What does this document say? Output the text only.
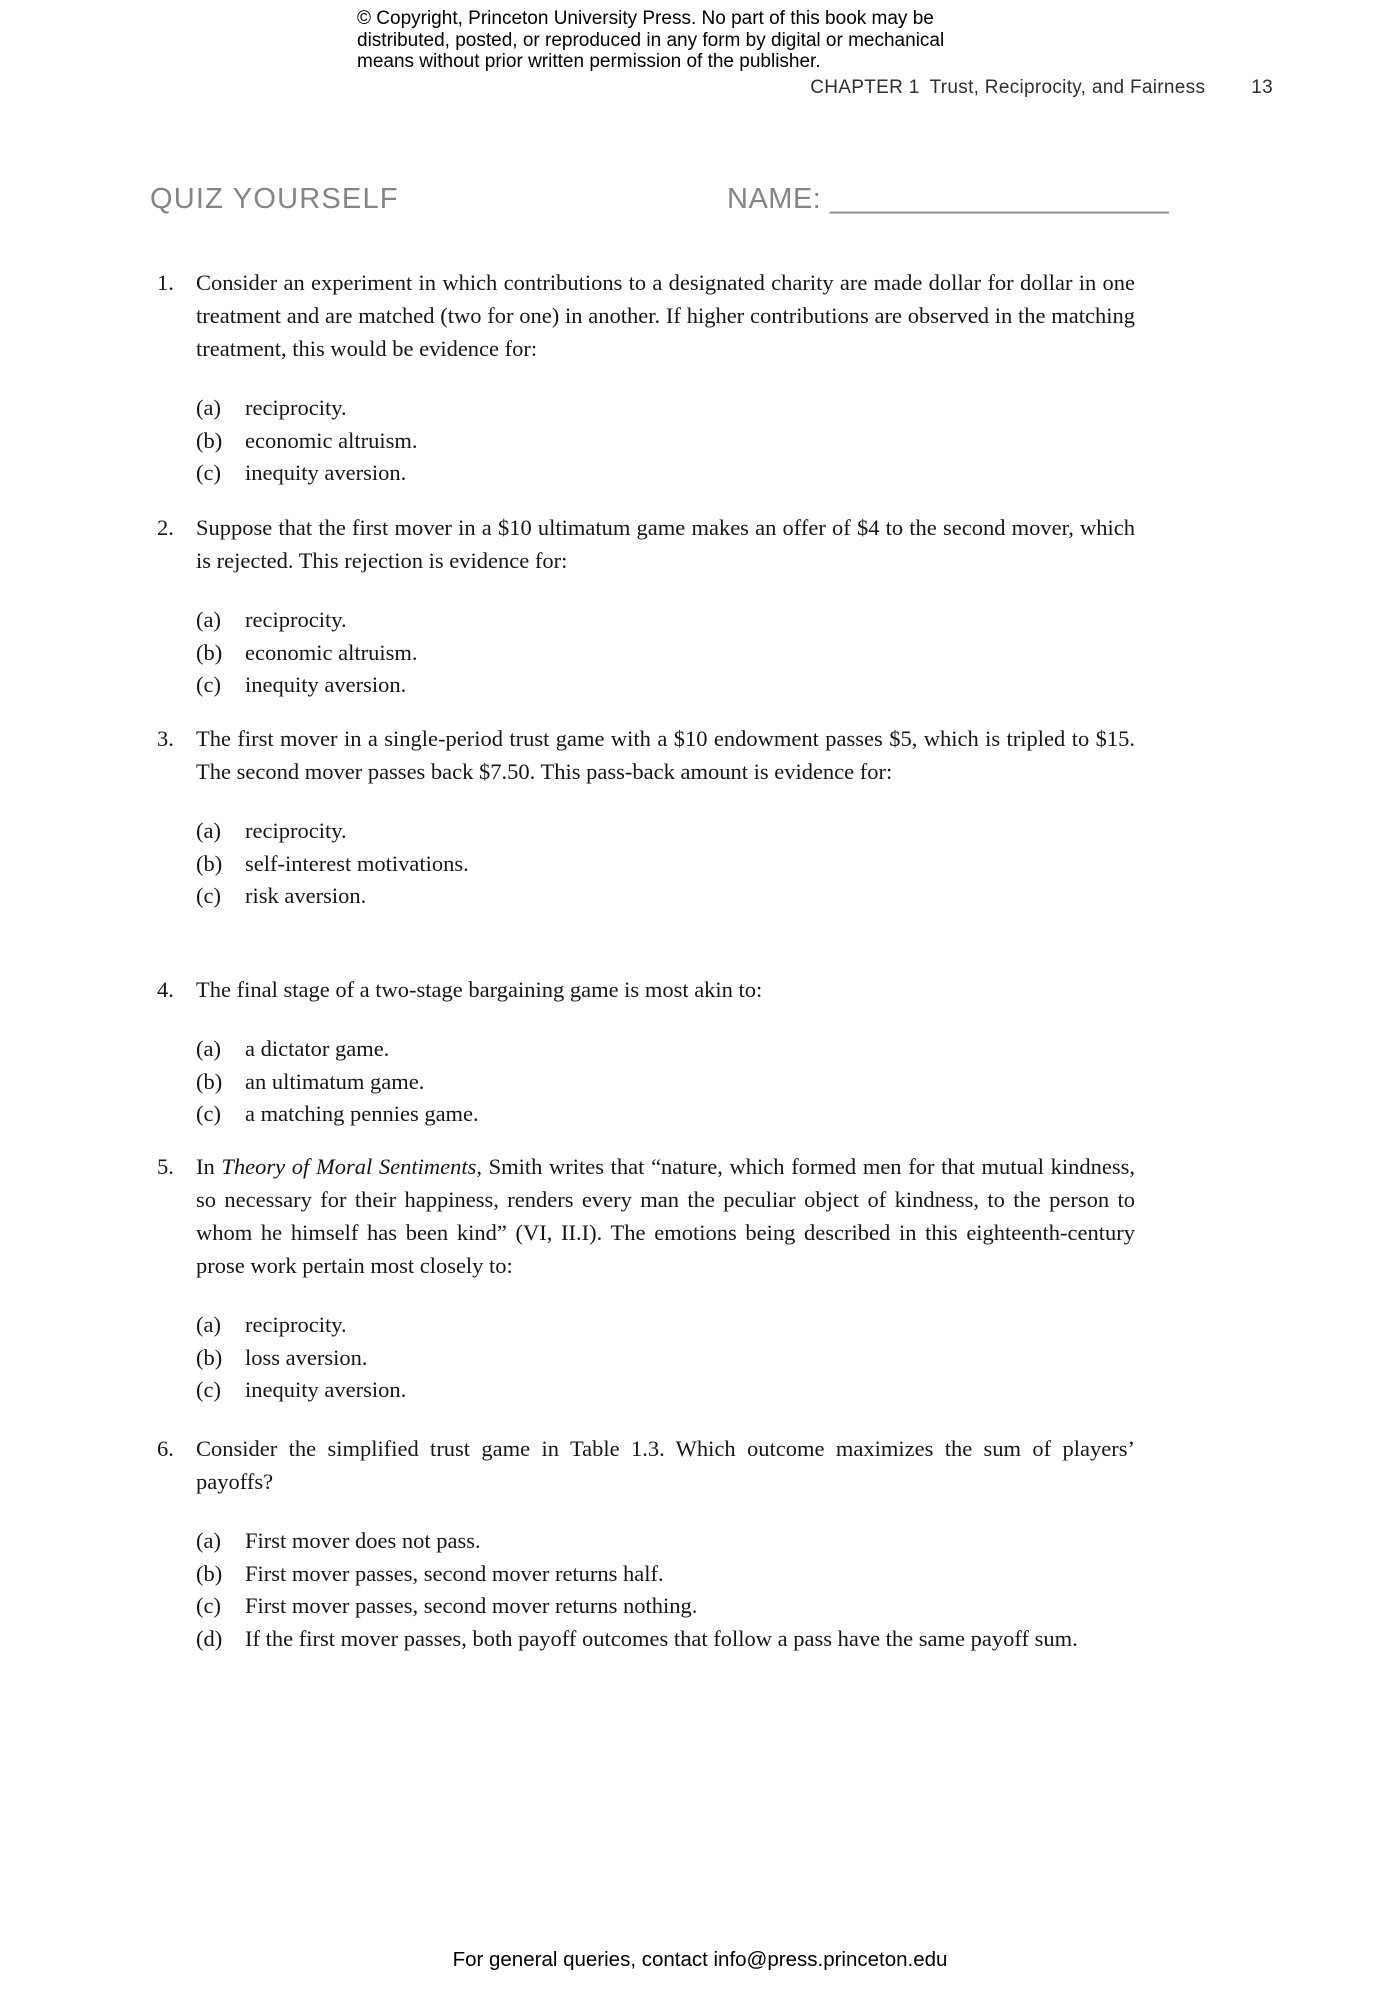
© Copyright, Princeton University Press. No part of this book may be
distributed, posted, or reproduced in any form by digital or mechanical
means without prior written permission of the publisher.
CHAPTER 1 Trust, Reciprocity, and Fairness 13
QUIZ YOURSELF	NAME: _____________________
1. Consider an experiment in which contributions to a designated charity are made dollar for dollar in one treatment and are matched (two for one) in another. If higher contributions are observed in the matching treatment, this would be evidence for:
(a)	reciprocity.
(b)	economic altruism.
(c)	inequity aversion.
2. Suppose that the first mover in a $10 ultimatum game makes an offer of $4 to the second mover, which is rejected. This rejection is evidence for:
(a)	reciprocity.
(b)	economic altruism.
(c)	inequity aversion.
3. The first mover in a single-period trust game with a $10 endowment passes $5, which is tripled to $15. The second mover passes back $7.50. This pass-back amount is evidence for:
(a)	reciprocity.
(b)	self-interest motivations.
(c)	risk aversion.
4. The final stage of a two-stage bargaining game is most akin to:
(a)	a dictator game.
(b)	an ultimatum game.
(c)	a matching pennies game.
5. In Theory of Moral Sentiments, Smith writes that “nature, which formed men for that mutual kindness, so necessary for their happiness, renders every man the peculiar object of kindness, to the person to whom he himself has been kind” (VI, II.I). The emotions being described in this eighteenth-century prose work pertain most closely to:
(a)	reciprocity.
(b)	loss aversion.
(c)	inequity aversion.
6. Consider the simplified trust game in Table 1.3. Which outcome maximizes the sum of players’ payoffs?
(a)	First mover does not pass.
(b)	First mover passes, second mover returns half.
(c)	First mover passes, second mover returns nothing.
(d)	If the first mover passes, both payoff outcomes that follow a pass have the same payoff sum.
For general queries, contact info@press.princeton.edu
